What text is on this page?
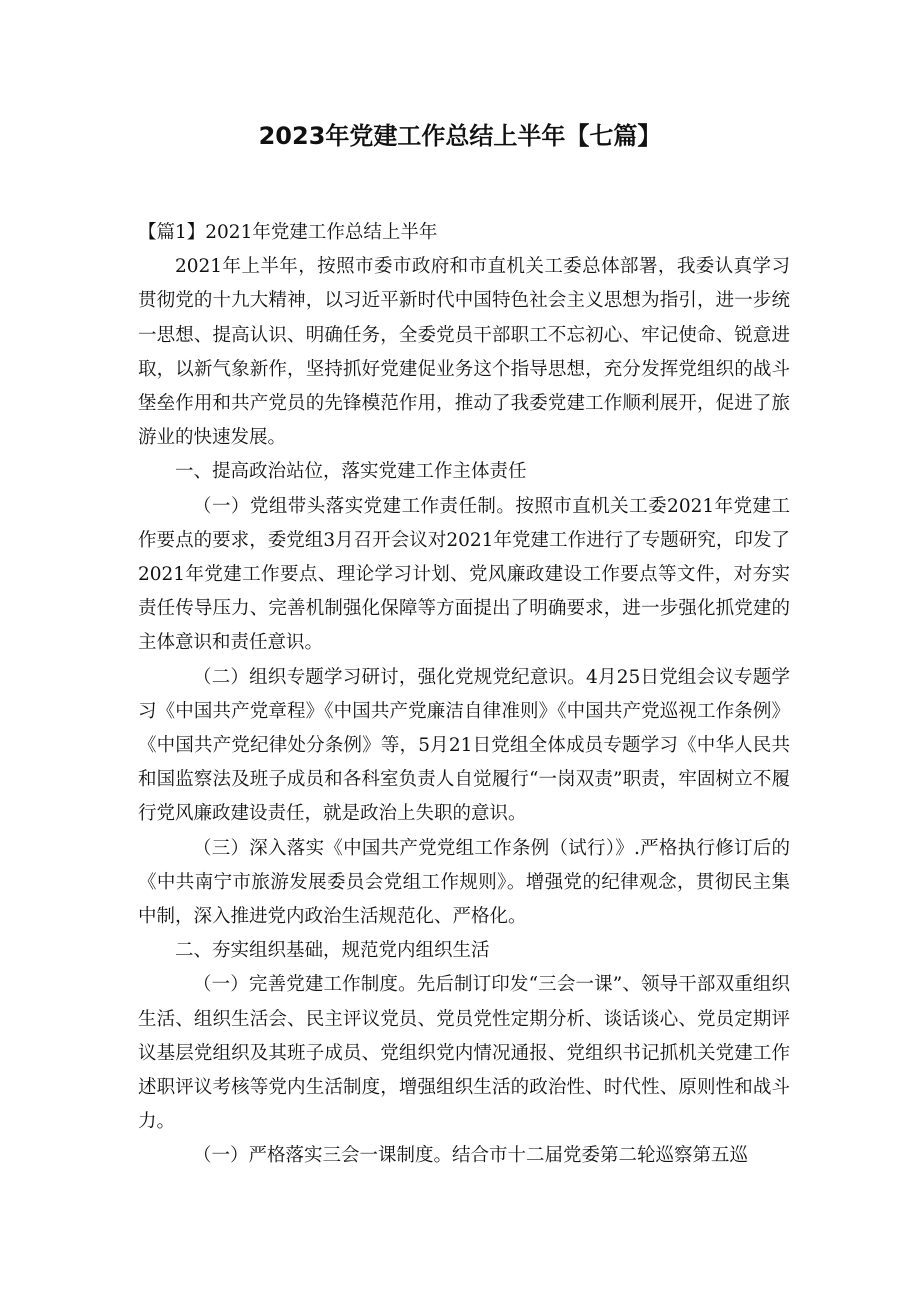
2023年党建工作总结上半年【七篇】

【篇1】2021年党建工作总结上半年

2021年上半年，按照市委市政府和市直机关工委总体部署，我委认真学习贯彻党的十九大精神，以习近平新时代中国特色社会主义思想为指引，进一步统一思想、提高认识、明确任务，全委党员干部职工不忘初心、牢记使命、锐意进取，以新气象新作，坚持抓好党建促业务这个指导思想，充分发挥党组织的战斗堡垒作用和共产党员的先锋模范作用，推动了我委党建工作顺利展开，促进了旅游业的快速发展。

一、提高政治站位，落实党建工作主体责任

（一）党组带头落实党建工作责任制。按照市直机关工委2021年党建工作要点的要求，委党组3月召开会议对2021年党建工作进行了专题研究，印发了2021年党建工作要点、理论学习计划、党风廉政建设工作要点等文件，对夯实责任传导压力、完善机制强化保障等方面提出了明确要求，进一步强化抓党建的主体意识和责任意识。

（二）组织专题学习研讨，强化党规党纪意识。4月25日党组会议专题学习《中国共产党章程》《中国共产党廉洁自律准则》《中国共产党巡视工作条例》《中国共产党纪律处分条例》等，5月21日党组全体成员专题学习《中华人民共和国监察法及班子成员和各科室负责人自觉履行“一岗双责”职责，牢固树立不履行党风廉政建设责任，就是政治上失职的意识。

（三）深入落实《中国共产党党组工作条例（试行）》.严格执行修订后的《中共南宁市旅游发展委员会党组工作规则》。增强党的纪律观念，贯彻民主集中制，深入推进党内政治生活规范化、严格化。

二、夯实组织基础，规范党内组织生活

（一）完善党建工作制度。先后制订印发“三会一课”、领导干部双重组织生活、组织生活会、民主评议党员、党员党性定期分析、谈话谈心、党员定期评议基层党组织及其班子成员、党组织党内情况通报、党组织书记抓机关党建工作述职评议考核等党内生活制度，增强组织生活的政治性、时代性、原则性和战斗力。

（一）严格落实三会一课制度。结合市十二届党委第二轮巡察第五巡
